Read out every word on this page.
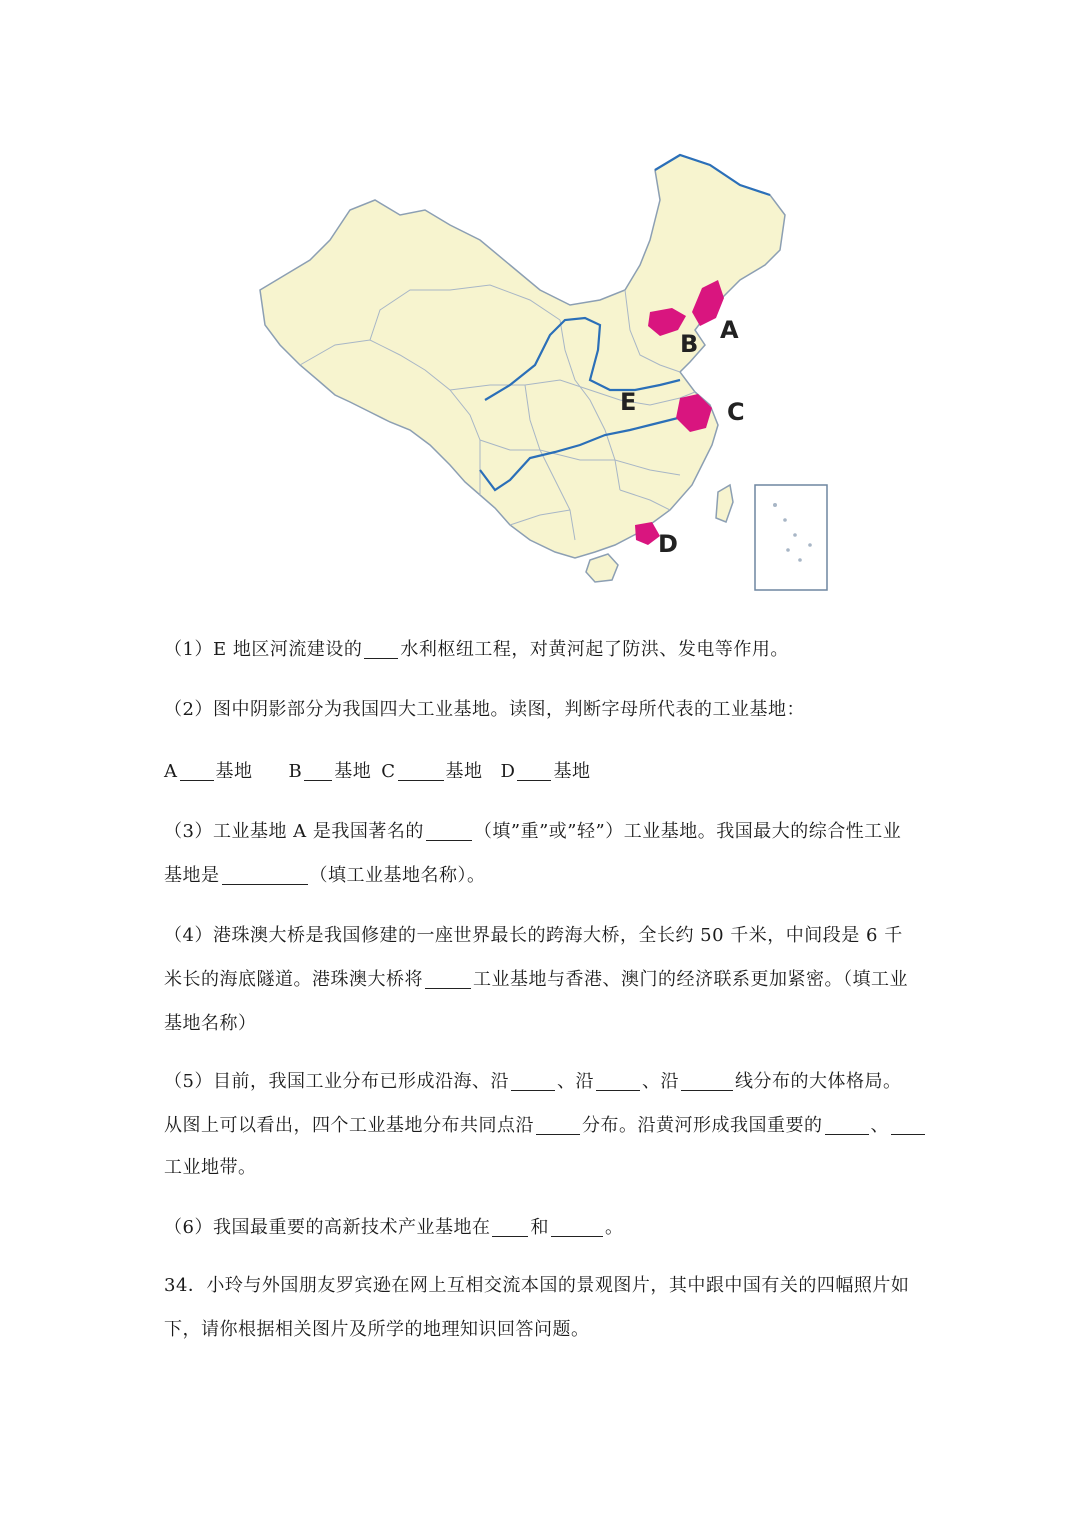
A
B
C
D
E
（1）E 地区河流建设的 水利枢纽工程，对黄河起了防洪、发电等作用。
（2）图中阴影部分为我国四大工业基地。读图，判断字母所代表的工业基地：
A 基地 B 基地 C	基地 D 基地
（3）工业基地 A 是我国著名的	（填”重”或”轻”）工业基地。我国最大的综合性工业
基地是	（填工业基地名称）。
（4）港珠澳大桥是我国修建的一座世界最长的跨海大桥，全长约 50 千米，中间段是 6 千
米长的海底隧道。港珠澳大桥将	工业基地与香港、澳门的经济联系更加紧密。（填工业
基地名称）
（5）目前，我国工业分布已形成沿海、沿	、沿	、沿	线分布的大体格局。
从图上可以看出，四个工业基地分布共同点沿	分布。沿黄河形成我国重要的	、
工业地带。
（6）我国最重要的高新技术产业基地在 和	。
34．小玲与外国朋友罗宾逊在网上互相交流本国的景观图片，其中跟中国有关的四幅照片如
下，请你根据相关图片及所学的地理知识回答问题。
